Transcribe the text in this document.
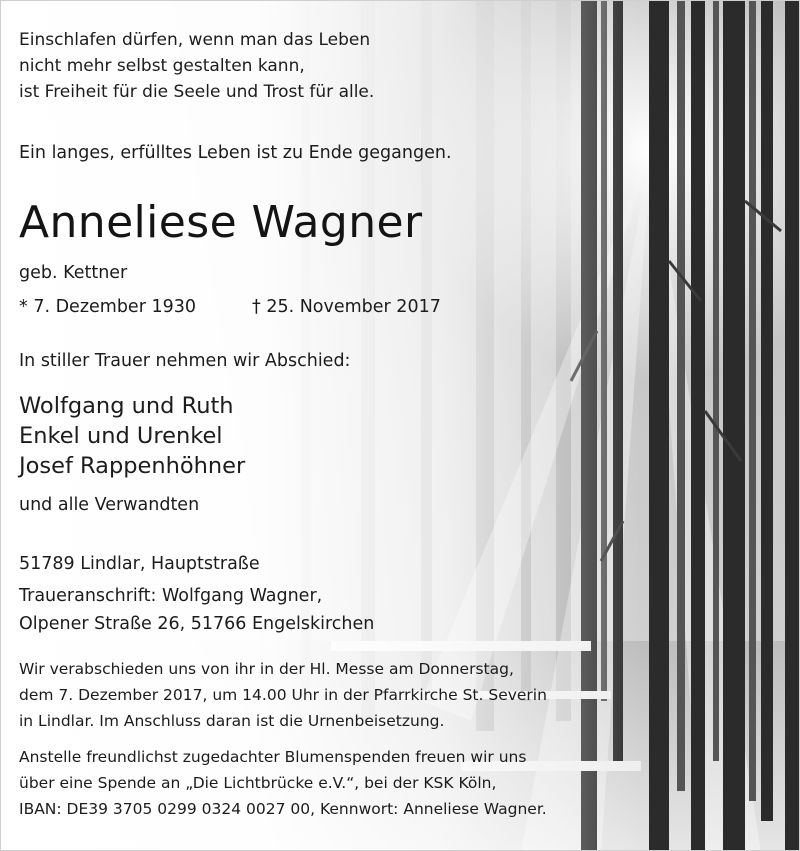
Einschlafen dürfen, wenn man das Leben
nicht mehr selbst gestalten kann,
ist Freiheit für die Seele und Trost für alle.
Ein langes, erfülltes Leben ist zu Ende gegangen.
Anneliese Wagner
geb. Kettner
* 7. Dezember 1930	† 25. November 2017
In stiller Trauer nehmen wir Abschied:
Wolfgang und Ruth
Enkel und Urenkel
Josef Rappenhöhner
und alle Verwandten
51789 Lindlar, Hauptstraße
Traueranschrift: Wolfgang Wagner,
Olpener Straße 26, 51766 Engelskirchen
Wir verabschieden uns von ihr in der Hl. Messe am Donnerstag,
dem 7. Dezember 2017, um 14.00 Uhr in der Pfarrkirche St. Severin
in Lindlar. Im Anschluss daran ist die Urnenbeisetzung.
Anstelle freundlichst zugedachter Blumenspenden freuen wir uns
über eine Spende an „Die Lichtbrücke e.V.“, bei der KSK Köln,
IBAN: DE39 3705 0299 0324 0027 00, Kennwort: Anneliese Wagner.
